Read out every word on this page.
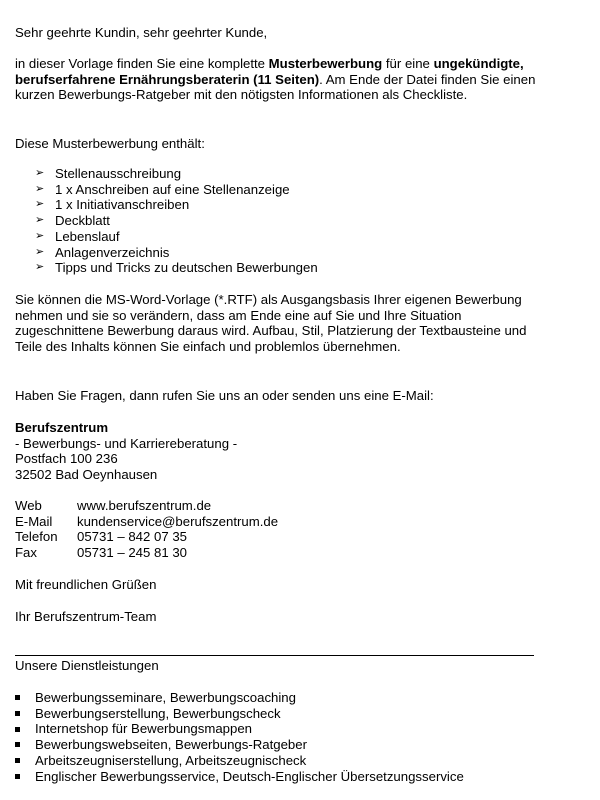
Sehr geehrte Kundin, sehr geehrter Kunde,

in dieser Vorlage finden Sie eine komplette Musterbewerbung für eine ungekündigte, berufserfahrene Ernährungsberaterin (11 Seiten). Am Ende der Datei finden Sie einen kurzen Bewerbungs-Ratgeber mit den nötigsten Informationen als Checkliste.

Diese Musterbewerbung enthält:

➢ Stellenausschreibung
➢ 1 x Anschreiben auf eine Stellenanzeige
➢ 1 x Initiativanschreiben
➢ Deckblatt
➢ Lebenslauf
➢ Anlagenverzeichnis
➢ Tipps und Tricks zu deutschen Bewerbungen

Sie können die MS-Word-Vorlage (*.RTF) als Ausgangsbasis Ihrer eigenen Bewerbung nehmen und sie so verändern, dass am Ende eine auf Sie und Ihre Situation zugeschnittene Bewerbung daraus wird. Aufbau, Stil, Platzierung der Textbausteine und Teile des Inhalts können Sie einfach und problemlos übernehmen.

Haben Sie Fragen, dann rufen Sie uns an oder senden uns eine E-Mail:

Berufszentrum

- Bewerbungs- und Karriereberatung -

Postfach 100 236

32502 Bad Oeynhausen

Web	www.berufszentrum.de
E-Mail	kundenservice@berufszentrum.de
Telefon	05731 – 842 07 35
Fax	05731 – 245 81 30

Mit freundlichen Grüßen

Ihr Berufszentrum-Team

Unsere Dienstleistungen

Bewerbungsseminare, Bewerbungscoaching
Bewerbungserstellung, Bewerbungscheck
Internetshop für Bewerbungsmappen
Bewerbungswebseiten, Bewerbungs-Ratgeber
Arbeitszeugniserstellung, Arbeitszeugnischeck
Englischer Bewerbungsservice, Deutsch-Englischer Übersetzungsservice
